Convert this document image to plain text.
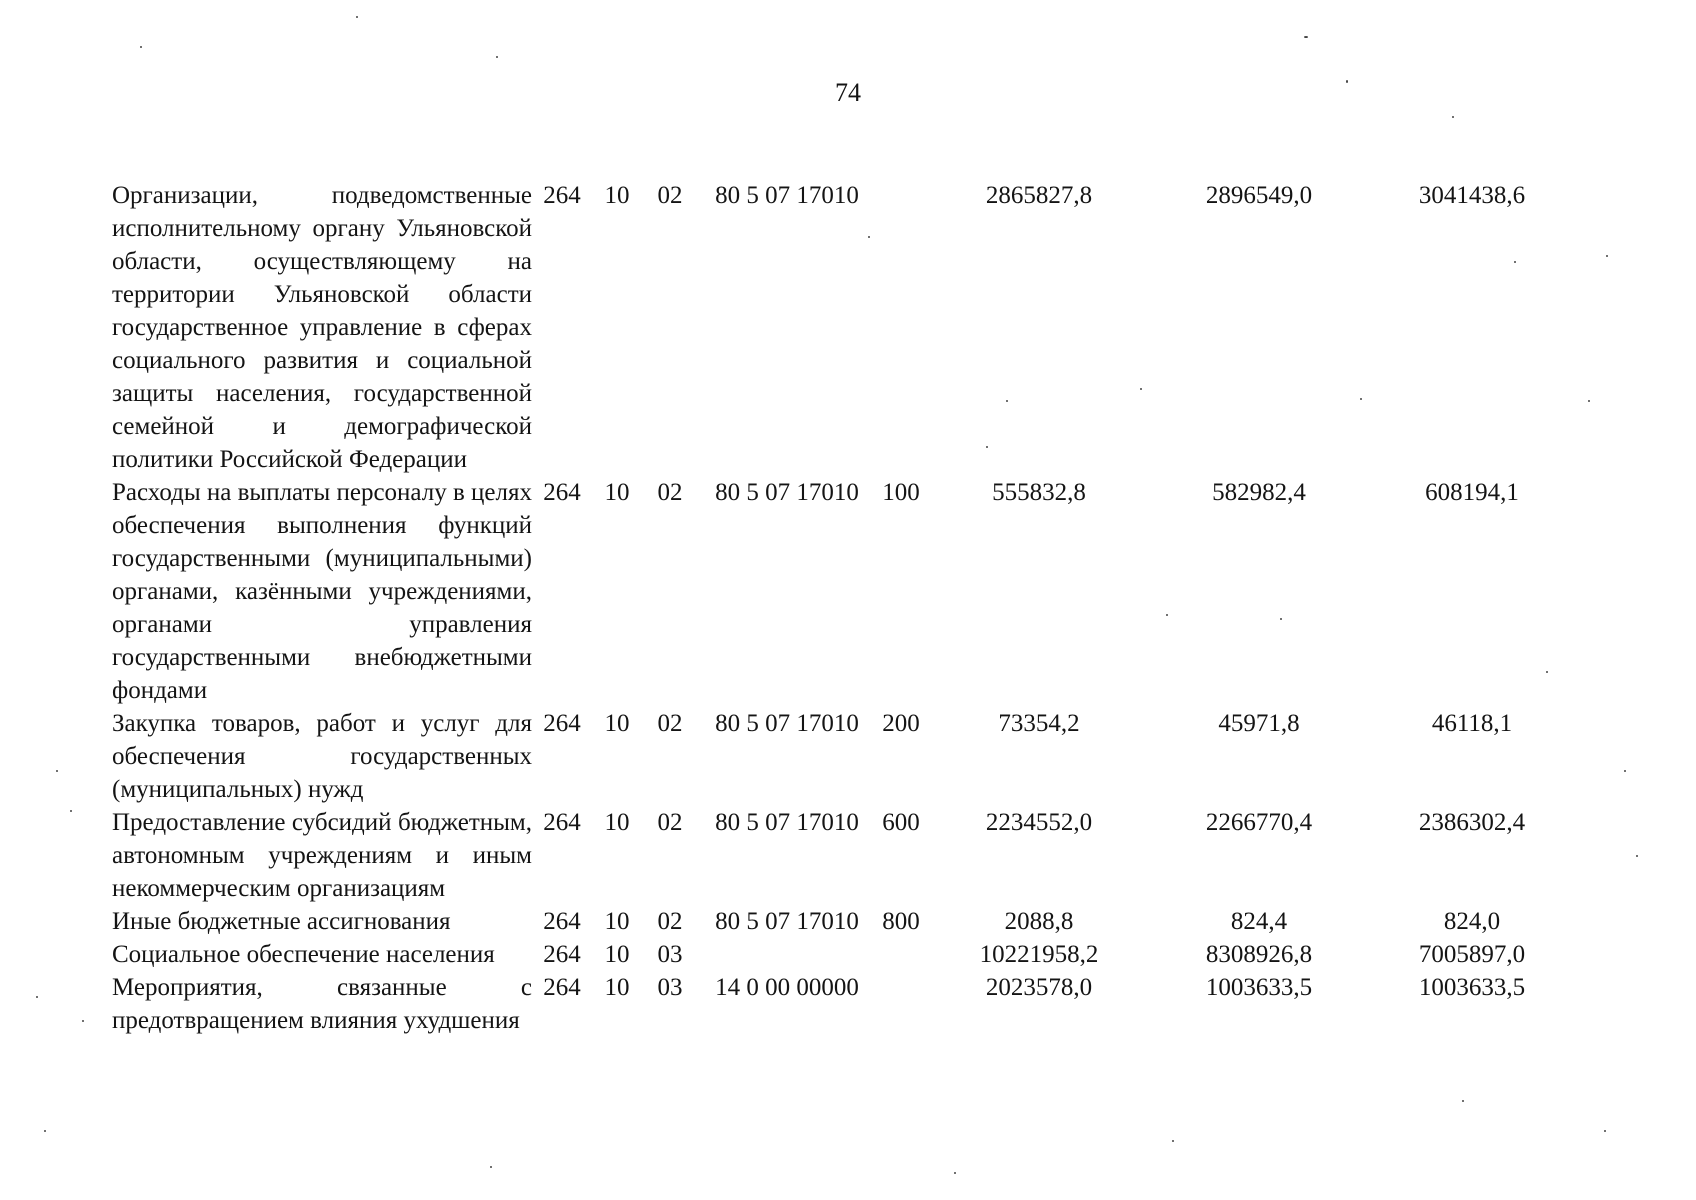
74
Организации, подведомственные исполнительному органу Ульяновской области, осуществляющему на территории Ульяновской области государственное управление в сферах социального развития и социальной защиты населения, государственной семейной и демографической политики Российской Федерации	264	10	02	80 5 07 17010		2865827,8	2896549,0	3041438,6
Расходы на выплаты персоналу в целях обеспечения выполнения функций государственными (муниципальными) органами, казёнными учреждениями, органами управления государственными внебюджетными фондами	264	10	02	80 5 07 17010	100	555832,8	582982,4	608194,1
Закупка товаров, работ и услуг для обеспечения государственных (муниципальных) нужд	264	10	02	80 5 07 17010	200	73354,2	45971,8	46118,1
Предоставление субсидий бюджетным, автономным учреждениям и иным некоммерческим организациям	264	10	02	80 5 07 17010	600	2234552,0	2266770,4	2386302,4
Иные бюджетные ассигнования	264	10	02	80 5 07 17010	800	2088,8	824,4	824,0
Социальное обеспечение населения	264	10	03			10221958,2	8308926,8	7005897,0
Мероприятия, связанные с предотвращением влияния ухудшения	264	10	03	14 0 00 00000		2023578,0	1003633,5	1003633,5
